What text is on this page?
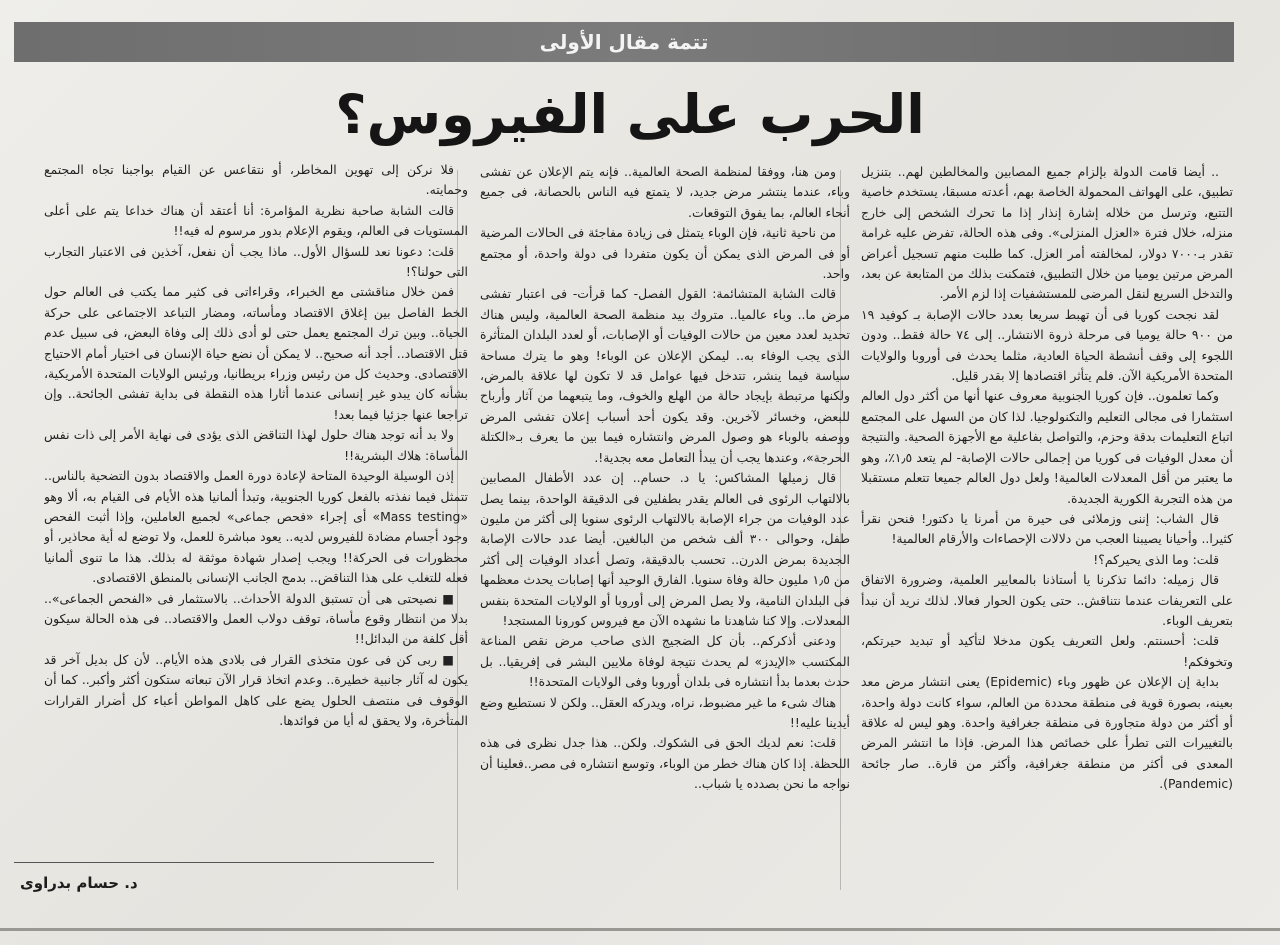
تتمة مقال الأولى
الحرب على الفيروس؟

.. أيضا قامت الدولة بإلزام جميع المصابين والمخالطين لهم.. بتنزيل تطبيق، على الهواتف المحمولة الخاصة بهم، أعدته مسبقا، يستخدم خاصية التتبع، وترسل من خلاله إشارة إنذار إذا ما تحرك الشخص إلى خارج منزله، خلال فترة «العزل المنزلى». وفى هذه الحالة، تفرض عليه غرامة تقدر بـ٧٠٠٠ دولار، لمخالفته أمر العزل. كما طلبت منهم تسجيل أعراض المرض مرتين يوميا من خلال التطبيق، فتمكنت بذلك من المتابعة عن بعد، والتدخل السريع لنقل المرضى للمستشفيات إذا لزم الأمر.

لقد نجحت كوريا فى أن تهبط سريعا بعدد حالات الإصابة بـ كوفيد ١٩ من ٩٠٠ حالة يوميا فى مرحلة ذروة الانتشار.. إلى ٧٤ حالة فقط.. ودون اللجوء إلى وقف أنشطة الحياة العادية، مثلما يحدث فى أوروبا والولايات المتحدة الأمريكية الآن. فلم يتأثر اقتصادها إلا بقدر قليل.

وكما تعلمون.. فإن كوريا الجنوبية معروف عنها أنها من أكثر دول العالم استثمارا فى مجالى التعليم والتكنولوجيا. لذا كان من السهل على المجتمع اتباع التعليمات بدقة وحزم، والتواصل بفاعلية مع الأجهزة الصحية. والنتيجة أن معدل الوفيات فى كوريا من إجمالى حالات الإصابة- لم يتعد ١٫٥٪، وهو ما يعتبر من أقل المعدلات العالمية! ولعل دول العالم جميعا تتعلم مستقبلا من هذه التجربة الكورية الجديدة.

قال الشاب: إننى وزملائى فى حيرة من أمرنا يا دكتور! فنحن نقرأ كثيرا.. وأحيانا يصيبنا العجب من دلالات الإحصاءات والأرقام العالمية!

قلت: وما الذى يحيركم؟!

قال زميله: دائما تذكرنا يا أستاذنا بالمعايير العلمية، وضرورة الاتفاق على التعريفات عندما نتناقش.. حتى يكون الحوار فعالا. لذلك نريد أن نبدأ بتعريف الوباء.

قلت: أحسنتم. ولعل التعريف يكون مدخلا لتأكيد أو تبديد حيرتكم، وتخوفكم!

بداية إن الإعلان عن ظهور وباء (Epidemic) يعنى انتشار مرض معد بعينه، بصورة قوية فى منطقة محددة من العالم، سواء كانت دولة واحدة، أو أكثر من دولة متجاورة فى منطقة جغرافية واحدة. وهو ليس له علاقة بالتغييرات التى تطرأ على خصائص هذا المرض. فإذا ما انتشر المرض المعدى فى أكثر من منطقة جغرافية، وأكثر من قارة.. صار جائحة (Pandemic).

ومن هنا، ووفقا لمنظمة الصحة العالمية.. فإنه يتم الإعلان عن تفشى وباء، عندما ينتشر مرض جديد، لا يتمتع فيه الناس بالحصانة، فى جميع أنحاء العالم، بما يفوق التوقعات.

من ناحية ثانية، فإن الوباء يتمثل فى زيادة مفاجئة فى الحالات المرضية أو فى المرض الذى يمكن أن يكون متفردا فى دولة واحدة، أو مجتمع واحد.

قالت الشابة المتشائمة: القول الفصل- كما قرأت- فى اعتبار تفشى مرض ما.. وباء عالميا.. متروك بيد منظمة الصحة العالمية، وليس هناك تحديد لعدد معين من حالات الوفيات أو الإصابات، أو لعدد البلدان المتأثرة الذى يجب الوفاء به.. ليمكن الإعلان عن الوباء! وهو ما يترك مساحة سياسة فيما ينشر، تتدخل فيها عوامل قد لا تكون لها علاقة بالمرض، ولكنها مرتبطة بإيجاد حالة من الهلع والخوف، وما يتبعهما من آثار وأرباح للبعض، وخسائر لآخرين. وقد يكون أحد أسباب إعلان تفشى المرض ووصفه بالوباء هو وصول المرض وانتشاره فيما بين ما يعرف بـ«الكتلة الحرجة»، وعندها يجب أن يبدأ التعامل معه بجدية!.

قال زميلها المشاكس: يا د. حسام.. إن عدد الأطفال المصابين بالالتهاب الرئوى فى العالم يقدر بطفلين فى الدقيقة الواحدة، بينما يصل عدد الوفيات من جراء الإصابة بالالتهاب الرئوى سنويا إلى أكثر من مليون طفل، وحوالى ٣٠٠ ألف شخص من البالغين. أيضا عدد حالات الإصابة الجديدة بمرض الدرن.. تحسب بالدقيقة، وتصل أعداد الوفيات إلى أكثر من ١٫٥ مليون حالة وفاة سنويا. الفارق الوحيد أنها إصابات يحدث معظمها فى البلدان النامية، ولا يصل المرض إلى أوروبا أو الولايات المتحدة بنفس المعدلات. وإلا كنا شاهدنا ما نشهده الآن مع فيروس كورونا المستجد!

ودعنى أذكركم.. بأن كل الضجيج الذى صاحب مرض نقص المناعة المكتسب «الإيدز» لم يحدث نتيجة لوفاة ملايين البشر فى إفريقيا.. بل حدث بعدما بدأ انتشاره فى بلدان أوروبا وفى الولايات المتحدة!!

هناك شىء ما غير مضبوط، نراه، ويدركه العقل.. ولكن لا نستطيع وضع أيدينا عليه!!

قلت: نعم لديك الحق فى الشكوك. ولكن.. هذا جدل نظرى فى هذه اللحظة. إذا كان هناك خطر من الوباء، وتوسع انتشاره فى مصر..فعلينا أن نواجه ما نحن بصدده يا شباب..

فلا نركن إلى تهوين المخاطر، أو نتقاعس عن القيام بواجبنا تجاه المجتمع وحمايته.

قالت الشابة صاحبة نظرية المؤامرة: أنا أعتقد أن هناك خداعا يتم على أعلى المستويات فى العالم، ويقوم الإعلام بدور مرسوم له فيه!!

قلت: دعونا نعد للسؤال الأول.. ماذا يجب أن نفعل، آخذين فى الاعتبار التجارب التى حولنا؟!

فمن خلال مناقشتى مع الخبراء، وقراءاتى فى كثير مما يكتب فى العالم حول الخط الفاصل بين إغلاق الاقتصاد ومأساته، ومضار التباعد الاجتماعى على حركة الحياة.. وبين ترك المجتمع يعمل حتى لو أدى ذلك إلى وفاة البعض، فى سبيل عدم قتل الاقتصاد.. أجد أنه صحيح.. لا يمكن أن نضع حياة الإنسان فى اختيار أمام الاحتياج الاقتصادى. وحديث كل من رئيس وزراء بريطانيا، ورئيس الولايات المتحدة الأمريكية، بشأنه كان يبدو غير إنسانى عندما أثارا هذه النقطة فى بداية تفشى الجائحة.. وإن تراجعا عنها جزئيا فيما بعد!

ولا بد أنه توجد هناك حلول لهذا التناقض الذى يؤدى فى نهاية الأمر إلى ذات نفس المأساة: هلاك البشرية!!

إذن الوسيلة الوحيدة المتاحة لإعادة دورة العمل والاقتصاد بدون التضحية بالناس.. تتمثل فيما نفذته بالفعل كوريا الجنوبية، وتبدأ ألمانيا هذه الأيام فى القيام به، ألا وهو «Mass testing» أى إجراء «فحص جماعى» لجميع العاملين، وإذا أثبت الفحص وجود أجسام مضادة للفيروس لديه.. يعود مباشرة للعمل، ولا توضع له أية محاذير، أو محظورات فى الحركة!! ويجب إصدار شهادة موثقة له بذلك. هذا ما تنوى ألمانيا فعله للتغلب على هذا التناقض.. بدمج الجانب الإنسانى بالمنطق الاقتصادى.

■ نصيحتى هى أن تستبق الدولة الأحداث.. بالاستثمار فى «الفحص الجماعى».. بدلا من انتظار وقوع مأساة، توقف دولاب العمل والاقتصاد.. فى هذه الحالة سيكون أقل كلفة من البدائل!!

■ ربى كن فى عون متخذى القرار فى بلادى هذه الأيام.. لأن كل بديل آخر قد يكون له آثار جانبية خطيرة.. وعدم اتخاذ قرار الآن تبعاته ستكون أكثر وأكبر.. كما أن الوقوف فى منتصف الحلول يضع على كاهل المواطن أعباء كل أضرار القرارات المتأخرة، ولا يحقق له أيا من فوائدها.

د. حسام بدراوى
